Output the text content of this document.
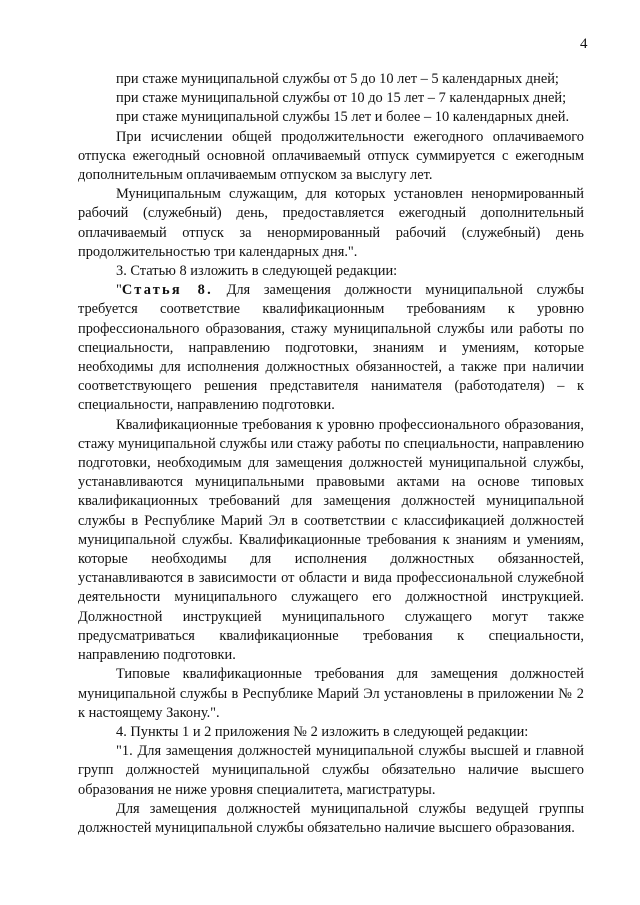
4

при стаже муниципальной службы от 5 до 10 лет – 5 календарных дней;

при стаже муниципальной службы от 10 до 15 лет – 7 календарных дней;

при стаже муниципальной службы 15 лет и более – 10 календарных дней.

При исчислении общей продолжительности ежегодного оплачиваемого отпуска ежегодный основной оплачиваемый отпуск суммируется с ежегодным дополнительным оплачиваемым отпуском за выслугу лет.

Муниципальным служащим, для которых установлен ненормированный рабочий (служебный) день, предоставляется ежегодный дополнительный оплачиваемый отпуск за ненормированный рабочий (служебный) день продолжительностью три календарных дня.".

3. Статью 8 изложить в следующей редакции:

"Статья 8. Для замещения должности муниципальной службы требуется соответствие квалификационным требованиям к уровню профессионального образования, стажу муниципальной службы или работы по специальности, направлению подготовки, знаниям и умениям, которые необходимы для исполнения должностных обязанностей, а также при наличии соответствующего решения представителя нанимателя (работодателя) – к специальности, направлению подготовки.

Квалификационные требования к уровню профессионального образования, стажу муниципальной службы или стажу работы по специальности, направлению подготовки, необходимым для замещения должностей муниципальной службы, устанавливаются муниципальными правовыми актами на основе типовых квалификационных требований для замещения должностей муниципальной службы в Республике Марий Эл в соответствии с классификацией должностей муниципальной службы. Квалификационные требования к знаниям и умениям, которые необходимы для исполнения должностных обязанностей, устанавливаются в зависимости от области и вида профессиональной служебной деятельности муниципального служащего его должностной инструкцией. Должностной инструкцией муниципального служащего могут также предусматриваться квалификационные требования к специальности, направлению подготовки.

Типовые квалификационные требования для замещения должностей муниципальной службы в Республике Марий Эл установлены в приложении № 2 к настоящему Закону.".

4. Пункты 1 и 2 приложения № 2 изложить в следующей редакции:

"1. Для замещения должностей муниципальной службы высшей и главной групп должностей муниципальной службы обязательно наличие высшего образования не ниже уровня специалитета, магистратуры.

Для замещения должностей муниципальной службы ведущей группы должностей муниципальной службы обязательно наличие высшего образования.
